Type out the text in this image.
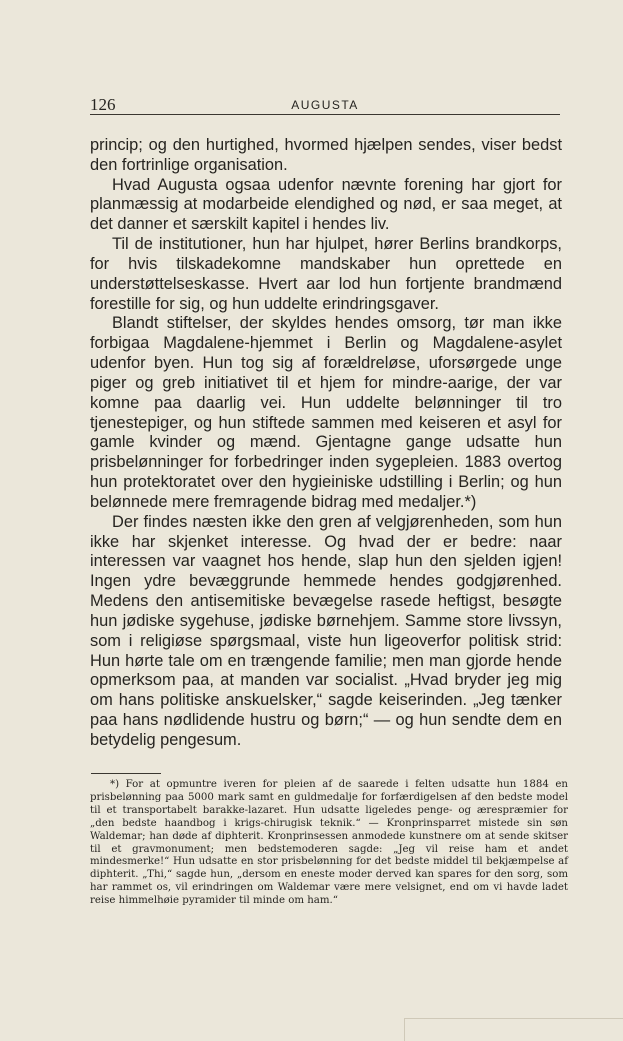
126	AUGUSTA

princip; og den hurtighed, hvormed hjælpen sendes, viser bedst den fortrinlige organisation.

Hvad Augusta ogsaa udenfor nævnte forening har gjort for planmæssig at modarbeide elendighed og nød, er saa meget, at det danner et særskilt kapitel i hendes liv.

Til de institutioner, hun har hjulpet, hører Berlins brandkorps, for hvis tilskadekomne mandskaber hun oprettede en understøttelseskasse. Hvert aar lod hun fortjente brandmænd forestille for sig, og hun uddelte erindringsgaver.

Blandt stiftelser, der skyldes hendes omsorg, tør man ikke forbigaa Magdalene-hjemmet i Berlin og Magdalene-asylet udenfor byen. Hun tog sig af forældreløse, uforsørgede unge piger og greb initiativet til et hjem for mindre-aarige, der var komne paa daarlig vei. Hun uddelte belønninger til tro tjenestepiger, og hun stiftede sammen med keiseren et asyl for gamle kvinder og mænd. Gjentagne gange udsatte hun prisbelønninger for forbedringer inden sygepleien. 1883 overtog hun protektoratet over den hygieiniske udstilling i Berlin; og hun belønnede mere fremragende bidrag med medaljer.*)

Der findes næsten ikke den gren af velgjørenheden, som hun ikke har skjenket interesse. Og hvad der er bedre: naar interessen var vaagnet hos hende, slap hun den sjelden igjen! Ingen ydre bevæggrunde hemmede hendes godgjørenhed. Medens den antisemitiske bevægelse rasede heftigst, besøgte hun jødiske sygehuse, jødiske børnehjem. Samme store livssyn, som i religiøse spørgsmaal, viste hun ligeoverfor politisk strid: Hun hørte tale om en trængende familie; men man gjorde hende opmerksom paa, at manden var socialist. „Hvad bryder jeg mig om hans politiske anskuelsker,“ sagde keiserinden. „Jeg tænker paa hans nødlidende hustru og børn;“ — og hun sendte dem en betydelig pengesum.

*) For at opmuntre iveren for pleien af de saarede i felten udsatte hun 1884 en prisbelønning paa 5000 mark samt en guldmedalje for forfærdigelsen af den bedste model til et transportabelt barakke-lazaret. Hun udsatte ligeledes penge- og ærespræmier for „den bedste haandbog i krigs-chirugisk teknik.“ — Kronprinsparret mistede sin søn Waldemar; han døde af diphterit. Kronprinsessen anmodede kunstnere om at sende skitser til et gravmonument; men bedstemoderen sagde: „Jeg vil reise ham et andet mindesmerke!“ Hun udsatte en stor prisbelønning for det bedste middel til bekjæmpelse af diphterit. „Thi,“ sagde hun, „dersom en eneste moder derved kan spares for den sorg, som har rammet os, vil erindringen om Waldemar være mere velsignet, end om vi havde ladet reise himmelhøie pyramider til minde om ham.“
